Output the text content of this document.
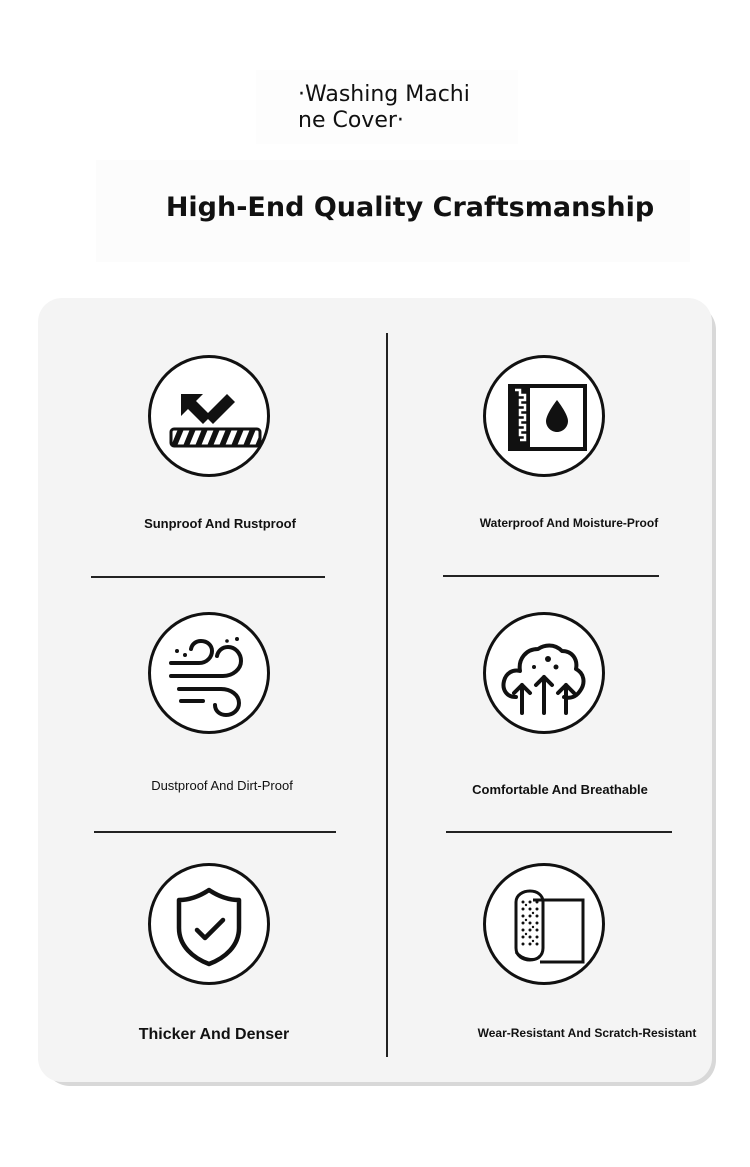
·Washing Machi
ne Cover·
High-End Quality Craftsmanship
Sunproof And Rustproof	Waterproof And Moisture-Proof
Dustproof And Dirt-Proof	Comfortable And Breathable
Thicker And Denser	Wear-Resistant And Scratch-Resistant
